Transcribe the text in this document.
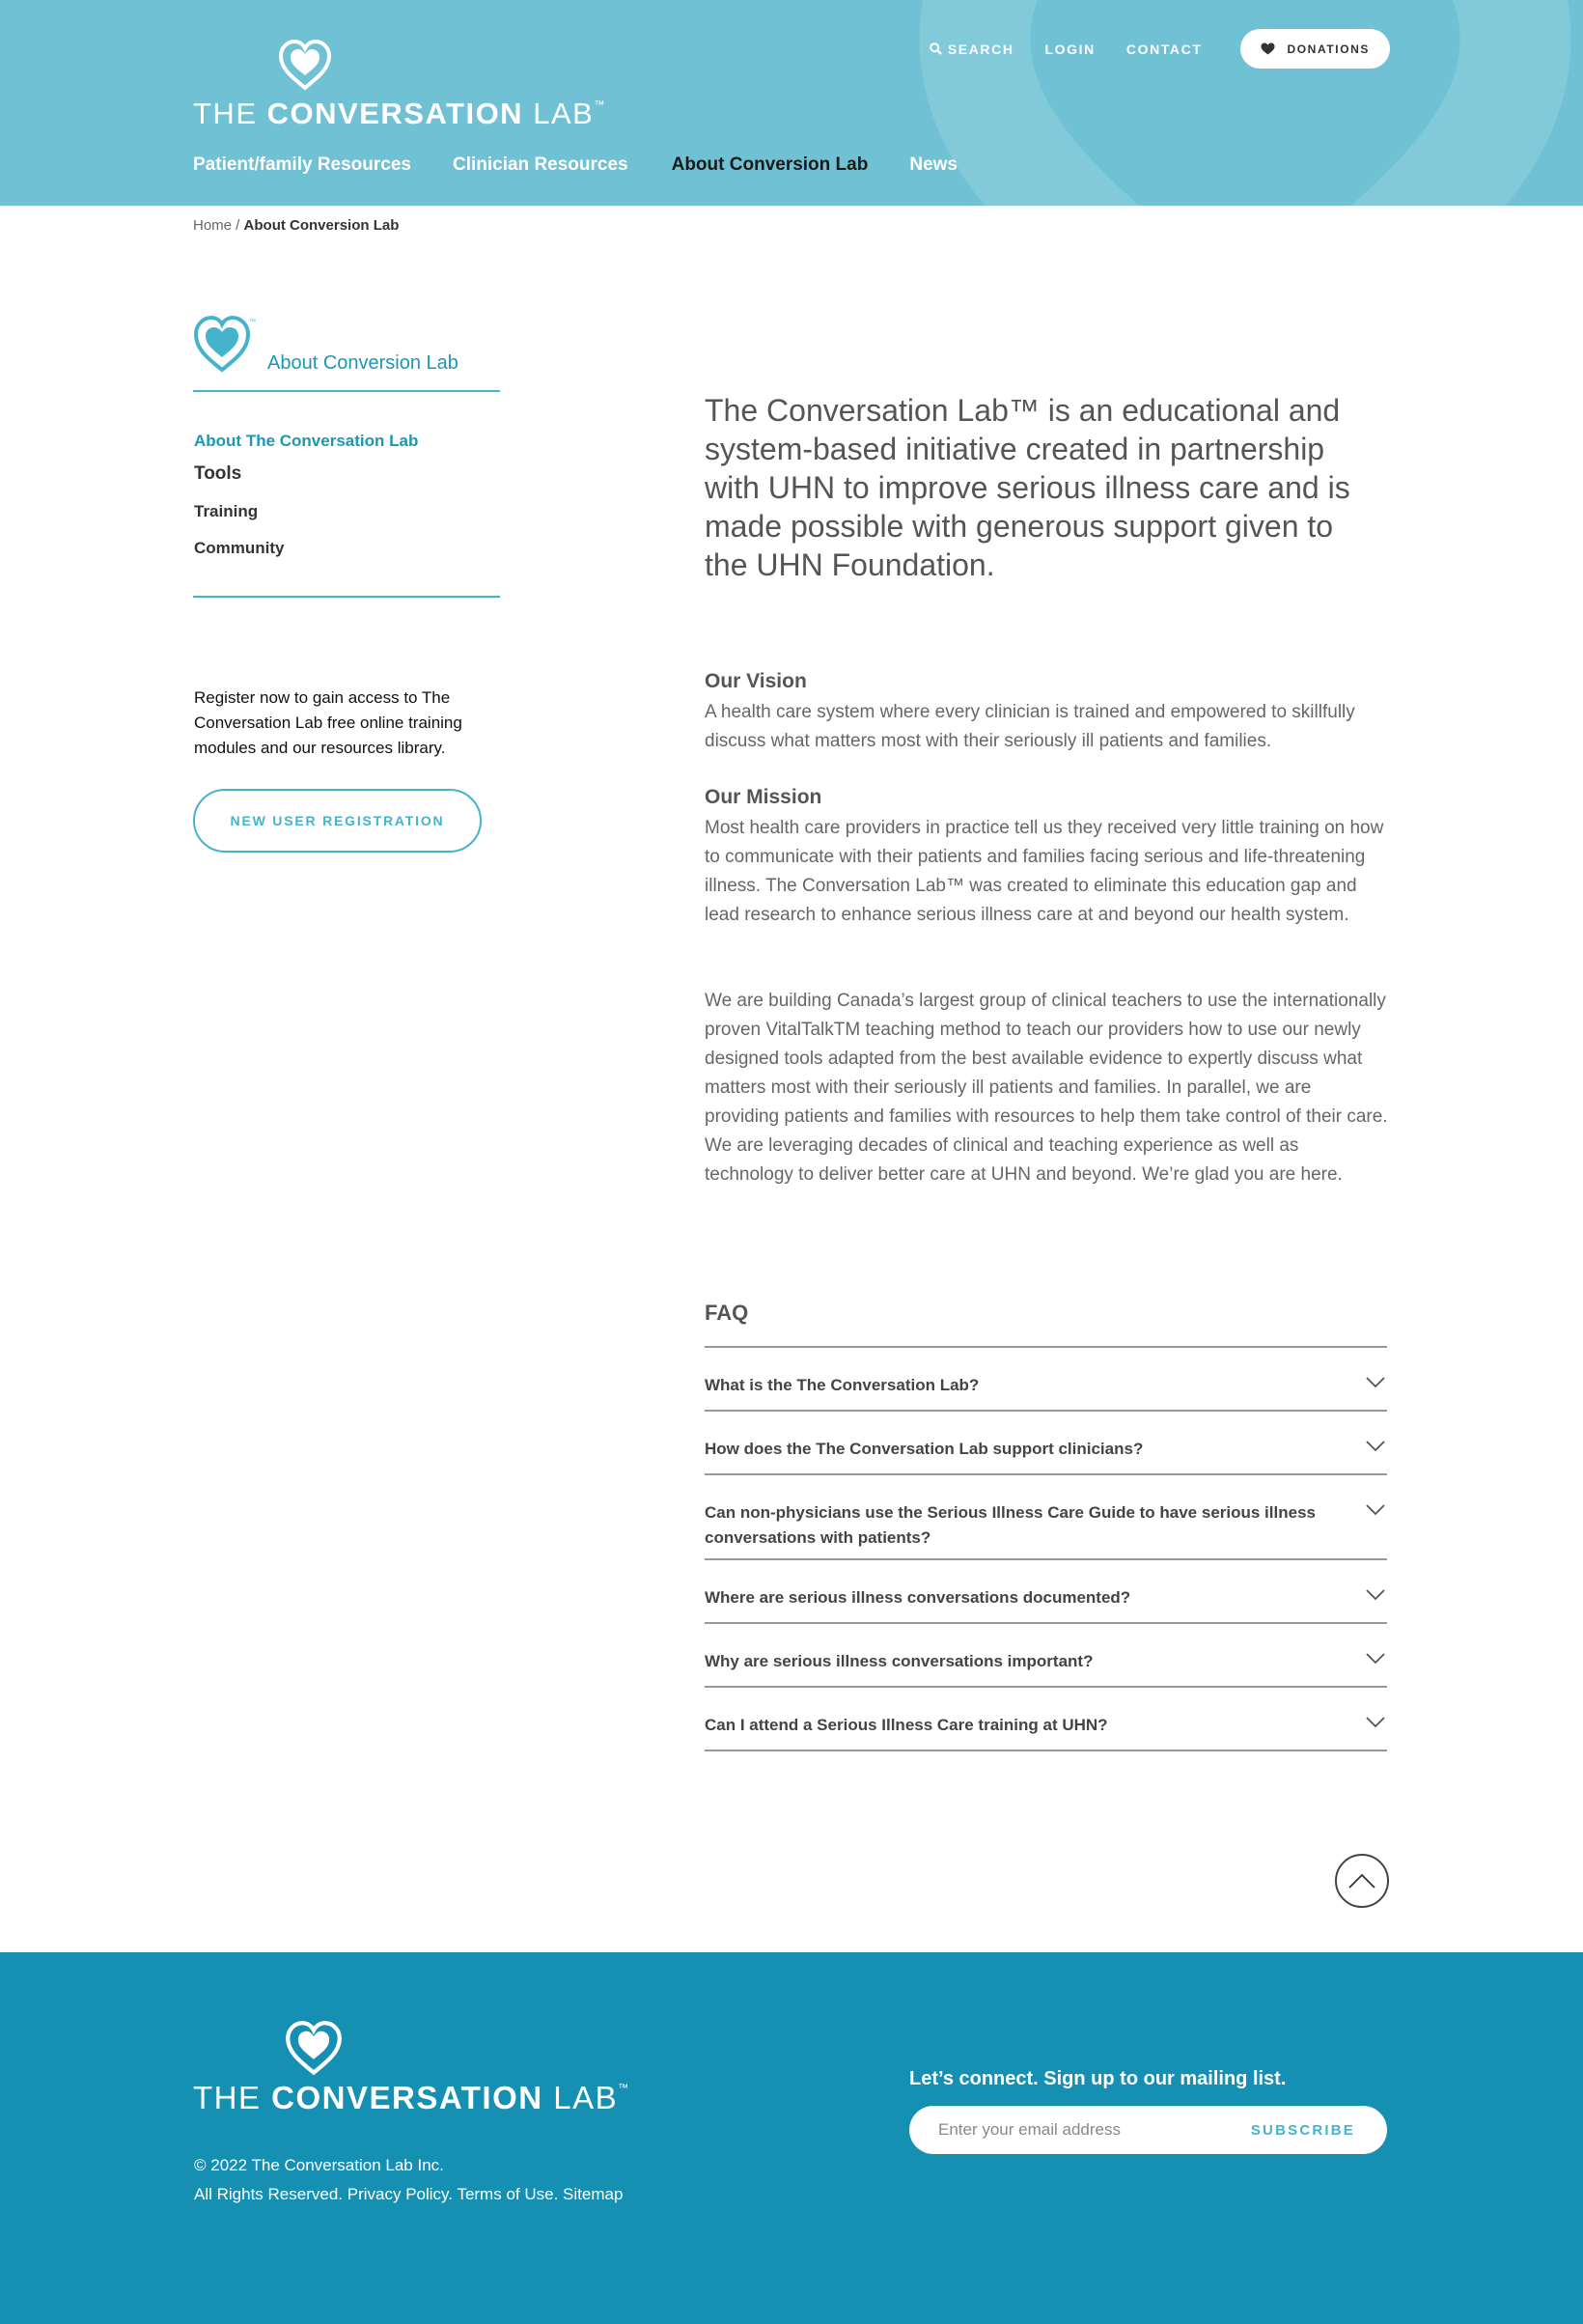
THE CONVERSATION LAB™
SEARCH LOGIN CONTACT	DONATIONS
Patient/family Resources Clinician Resources About Conversion Lab News
Home / About Conversion Lab
™
About Conversion Lab
About The Conversation Lab
Tools
Training
Community

Register now to gain access to The Conversation Lab free online training modules and our resources library.

NEW USER REGISTRATION

The Conversation Lab™ is an educational and system-based initiative created in partnership with UHN to improve serious illness care and is made possible with generous support given to the UHN Foundation.

Our Vision

A health care system where every clinician is trained and empowered to skillfully discuss what matters most with their seriously ill patients and families.

Our Mission

Most health care providers in practice tell us they received very little training on how to communicate with their patients and families facing serious and life-threatening illness. The Conversation Lab™ was created to eliminate this education gap and lead research to enhance serious illness care at and beyond our health system.

We are building Canada’s largest group of clinical teachers to use the internationally proven VitalTalkTM teaching method to teach our providers how to use our newly designed tools adapted from the best available evidence to expertly discuss what matters most with their seriously ill patients and families. In parallel, we are providing patients and families with resources to help them take control of their care. We are leveraging decades of clinical and teaching experience as well as technology to deliver better care at UHN and beyond. We’re glad you are here.

FAQ
What is the The Conversation Lab?
How does the The Conversation Lab support clinicians?
Can non-physicians use the Serious Illness Care Guide to have serious illness conversations with patients?
Where are serious illness conversations documented?
Why are serious illness conversations important?
Can I attend a Serious Illness Care training at UHN?
THE CONVERSATION LAB™
© 2022 The Conversation Lab Inc.
All Rights Reserved. Privacy Policy. Terms of Use. Sitemap
Let’s connect. Sign up to our mailing list.
Enter your email address
SUBSCRIBE
